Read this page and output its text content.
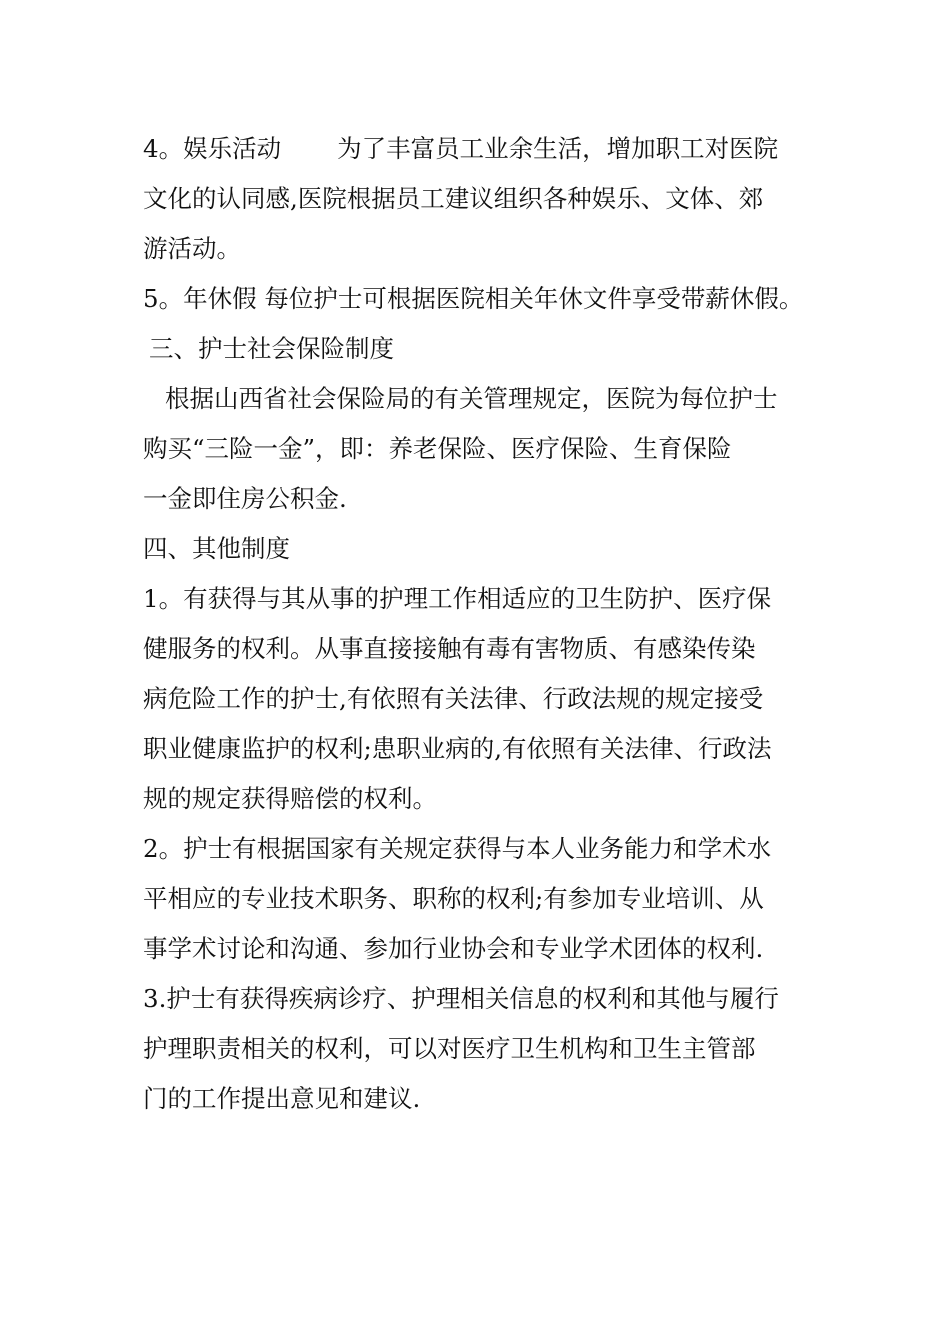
4。娱乐活动 为了丰富员工业余生活，增加职工对医院
文化的认同感,医院根据员工建议组织各种娱乐、文体、郊
游活动。
5。年休假 每位护士可根据医院相关年休文件享受带薪休假。
三、护士社会保险制度
根据山西省社会保险局的有关管理规定，医院为每位护士
购买“三险一金”，即：养老保险、医疗保险、生育保险
一金即住房公积金.
四、其他制度
1。有获得与其从事的护理工作相适应的卫生防护、医疗保
健服务的权利。从事直接接触有毒有害物质、有感染传染
病危险工作的护士,有依照有关法律、行政法规的规定接受
职业健康监护的权利;患职业病的,有依照有关法律、行政法
规的规定获得赔偿的权利。
2。护士有根据国家有关规定获得与本人业务能力和学术水
平相应的专业技术职务、职称的权利;有参加专业培训、从
事学术讨论和沟通、参加行业协会和专业学术团体的权利.
3.护士有获得疾病诊疗、护理相关信息的权利和其他与履行
护理职责相关的权利，可以对医疗卫生机构和卫生主管部
门的工作提出意见和建议.
